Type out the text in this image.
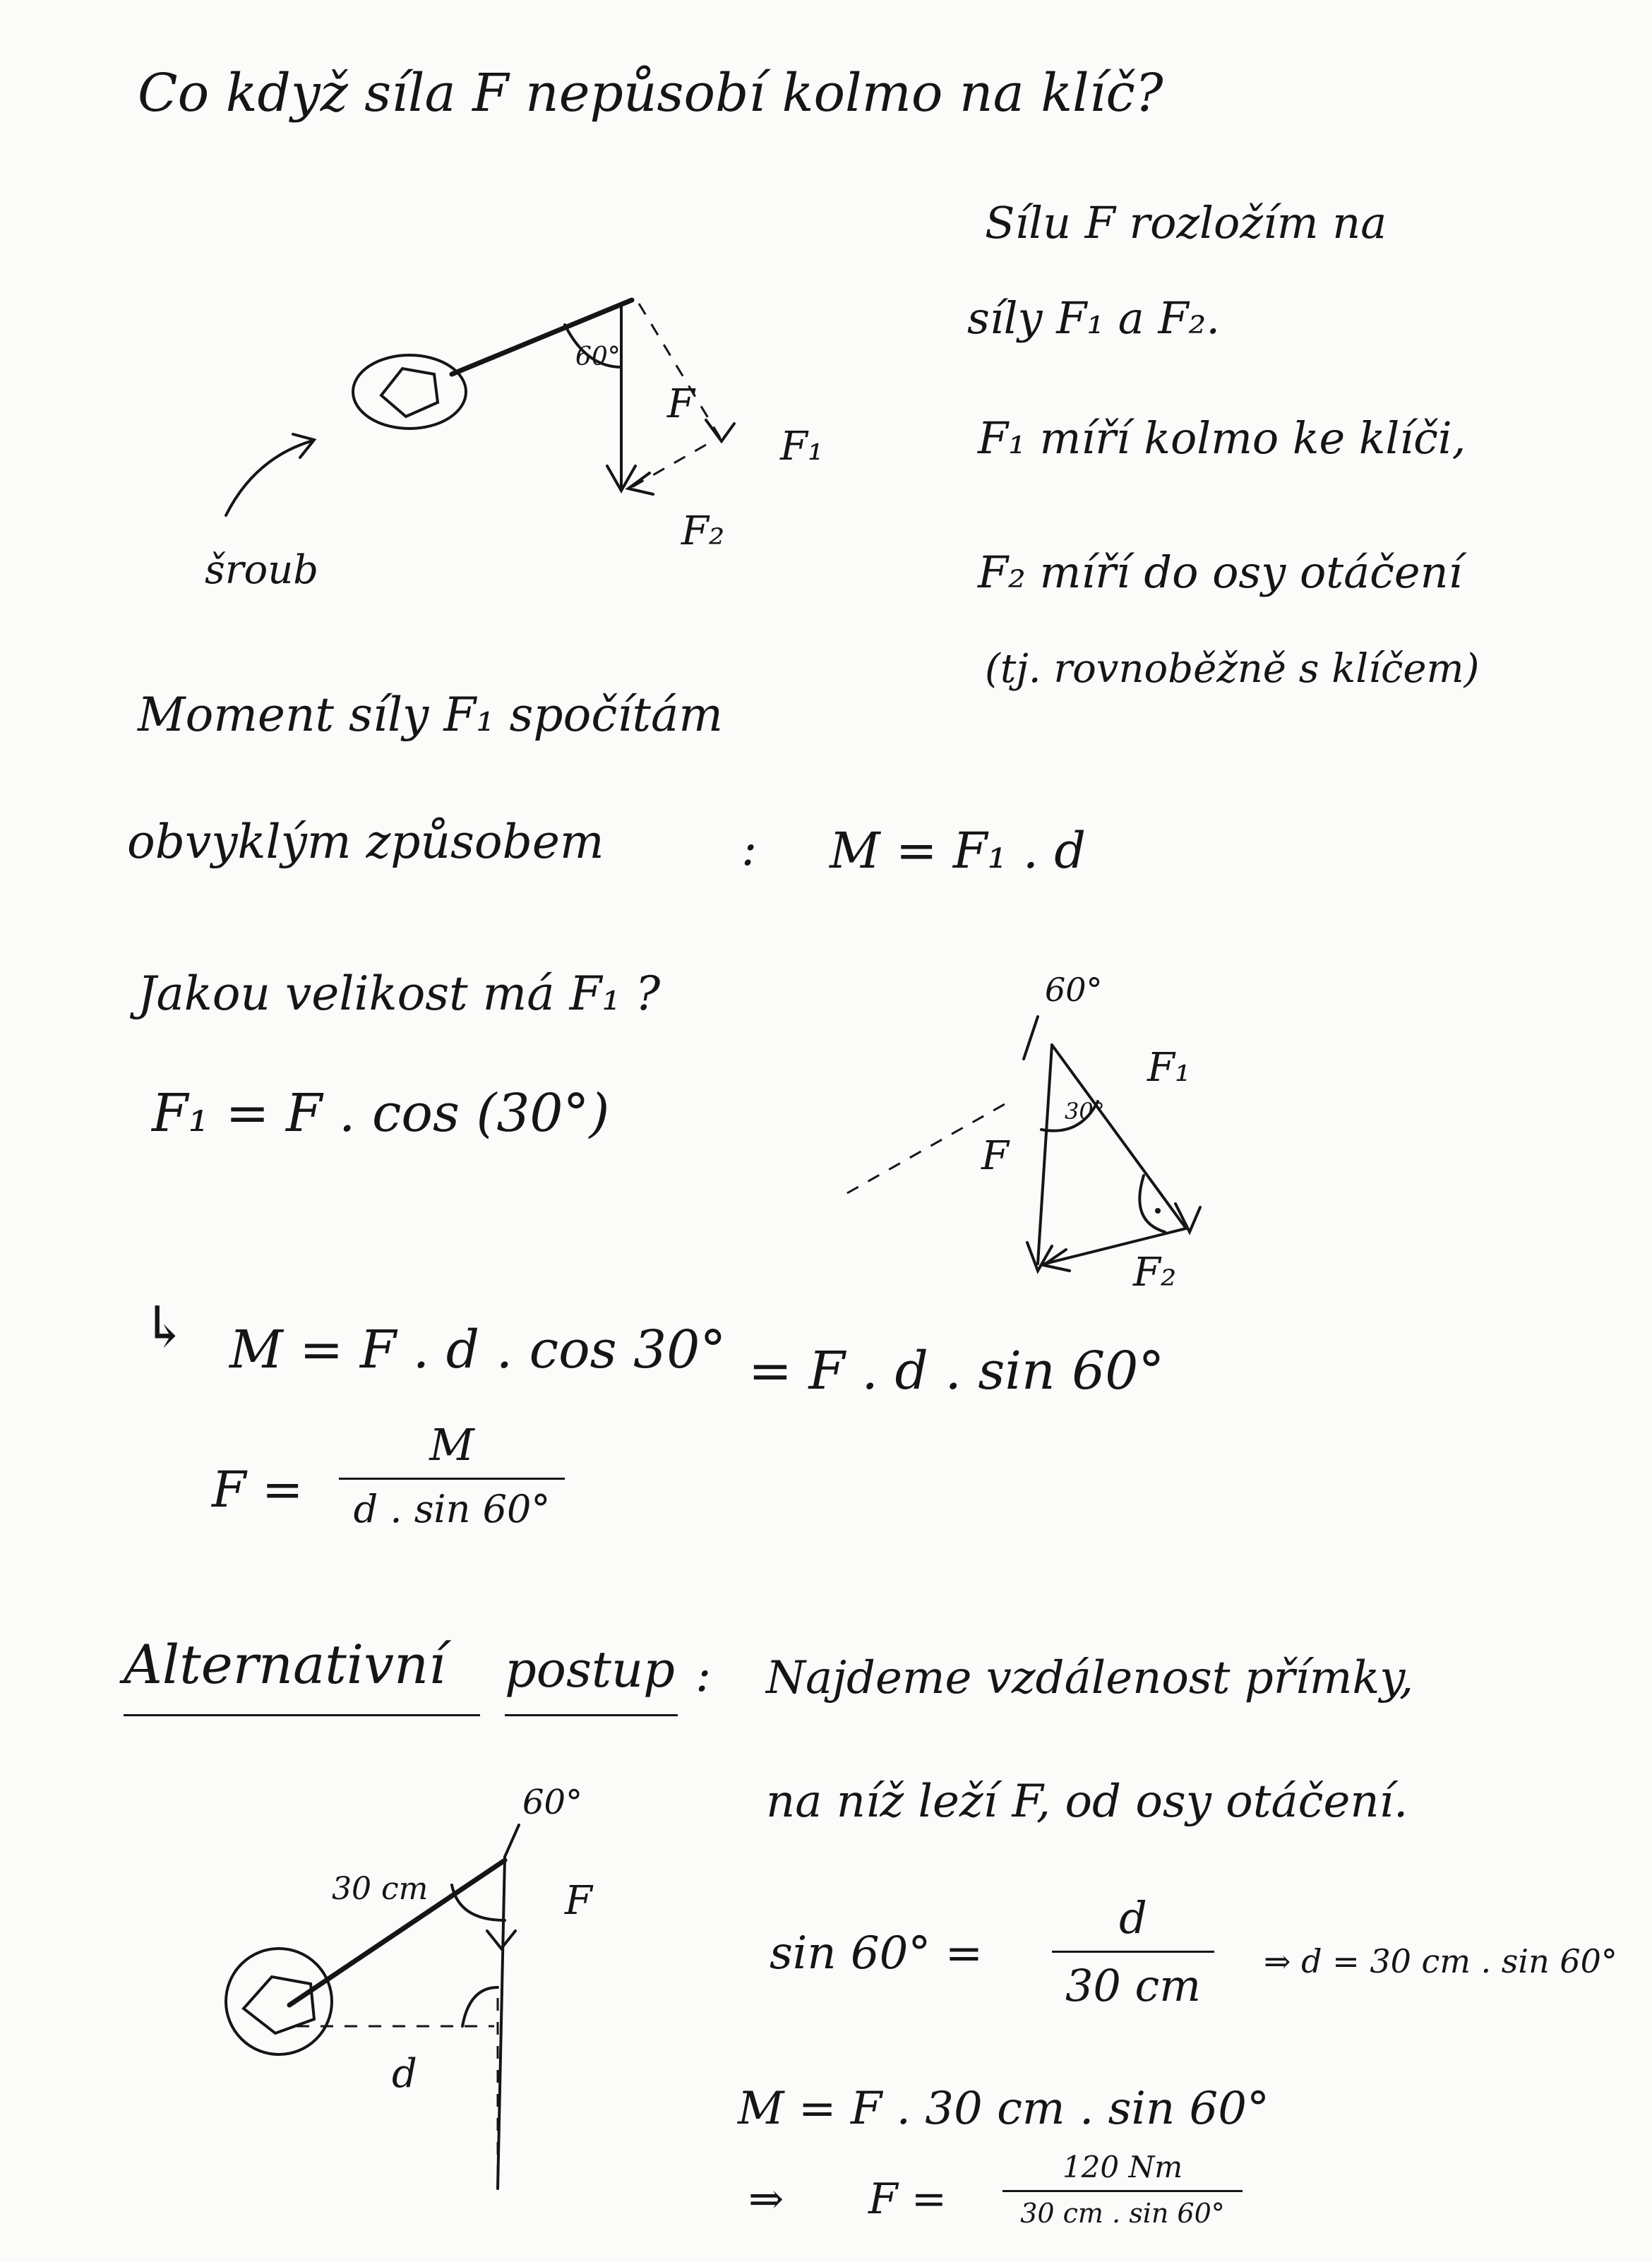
Co když síla F nepůsobí kolmo na klíč?
Sílu F rozložím na
síly F₁ a F₂.
F₁ míří kolmo ke klíči,
F₂ míří do osy otáčení
(tj. rovnoběžně s klíčem)
60°
F
F₁
F₂
šroub
Moment síly F₁ spočítám
obvyklým způsobem	: M = F₁ . d
Jakou velikost má F₁ ?
F₁ = F . cos (30°)
60°
30°
F₁
F
F₂
↳ M = F . d . cos 30° = F . d . sin 60°
F =
M
d . sin 60°
Alternativní postup : Najdeme vzdálenost přímky,
na níž leží F, od osy otáčení.
30 cm
60°
F
d
sin 60° =
d
30 cm	⇒ d = 30 cm . sin 60°
M = F . 30 cm . sin 60°
⇒ F =
120 Nm
30 cm . sin 60°
